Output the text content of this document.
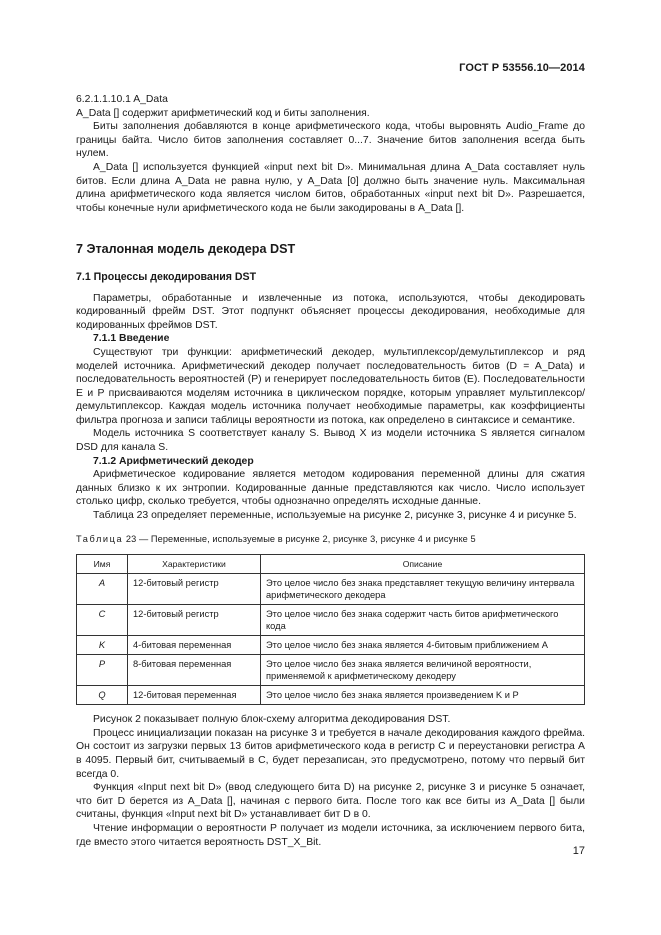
ГОСТ Р 53556.10—2014

6.2.1.1.10.1 A_Data

A_Data [] содержит арифметический код и биты заполнения.

Биты заполнения добавляются в конце арифметического кода, чтобы выровнять Audio_Frame до границы байта. Число битов заполнения составляет 0...7. Значение битов заполнения всегда быть нулем.

A_Data [] используется функцией «input next bit D». Минимальная длина A_Data составляет нуль битов. Если длина A_Data не равна нулю, у A_Data [0] должно быть значение нуль. Максимальная длина арифметического кода является числом битов, обработанных «input next bit D». Разрешается, чтобы конечные нули арифметического кода не были закодированы в A_Data [].

7 Эталонная модель декодера DST

7.1 Процессы декодирования DST

Параметры, обработанные и извлеченные из потока, используются, чтобы декодировать кодированный фрейм DST. Этот подпункт объясняет процессы декодирования, необходимые для кодированных фреймов DST.

7.1.1 Введение

Существуют три функции: арифметический декодер, мультиплексор/демультиплексор и ряд моделей источника. Арифметический декодер получает последовательность битов (D = A_Data) и последовательность вероятностей (P) и генерирует последовательность битов (E). Последовательности E и P присваиваются моделям источника в циклическом порядке, которым управляет мультиплексор/демультиплексор. Каждая модель источника получает необходимые параметры, как коэффициенты фильтра прогноза и записи таблицы вероятности из потока, как определено в синтаксисе и семантике.

Модель источника S соответствует каналу S. Вывод X из модели источника S является сигналом DSD для канала S.

7.1.2 Арифметический декодер

Арифметическое кодирование является методом кодирования переменной длины для сжатия данных близко к их энтропии. Кодированные данные представляются как число. Число использует столько цифр, сколько требуется, чтобы однозначно определять исходные данные.

Таблица 23 определяет переменные, используемые на рисунке 2, рисунке 3, рисунке 4 и рисунке 5.

Таблица 23 — Переменные, используемые в рисунке 2, рисунке 3, рисунке 4 и рисунке 5

Имя	Характеристики	Описание
A	12-битовый регистр	Это целое число без знака представляет текущую величину интервала арифметического декодера
C	12-битовый регистр	Это целое число без знака содержит часть битов арифметического кода
K	4-битовая переменная	Это целое число без знака является 4-битовым приближением A
P	8-битовая переменная	Это целое число без знака является величиной вероятности, применяемой к арифметическому декодеру
Q	12-битовая переменная	Это целое число без знака является произведением K и P

Рисунок 2 показывает полную блок-схему алгоритма декодирования DST.

Процесс инициализации показан на рисунке 3 и требуется в начале декодирования каждого фрейма. Он состоит из загрузки первых 13 битов арифметического кода в регистр C и переустановки регистра A в 4095. Первый бит, считываемый в C, будет перезаписан, это предусмотрено, потому что первый бит всегда 0.

Функция «Input next bit D» (ввод следующего бита D) на рисунке 2, рисунке 3 и рисунке 5 означает, что бит D берется из A_Data [], начиная с первого бита. После того как все биты из A_Data [] были считаны, функция «Input next bit D» устанавливает бит D в 0.

Чтение информации о вероятности P получает из модели источника, за исключением первого бита, где вместо этого читается вероятность DST_X_Bit.

17
